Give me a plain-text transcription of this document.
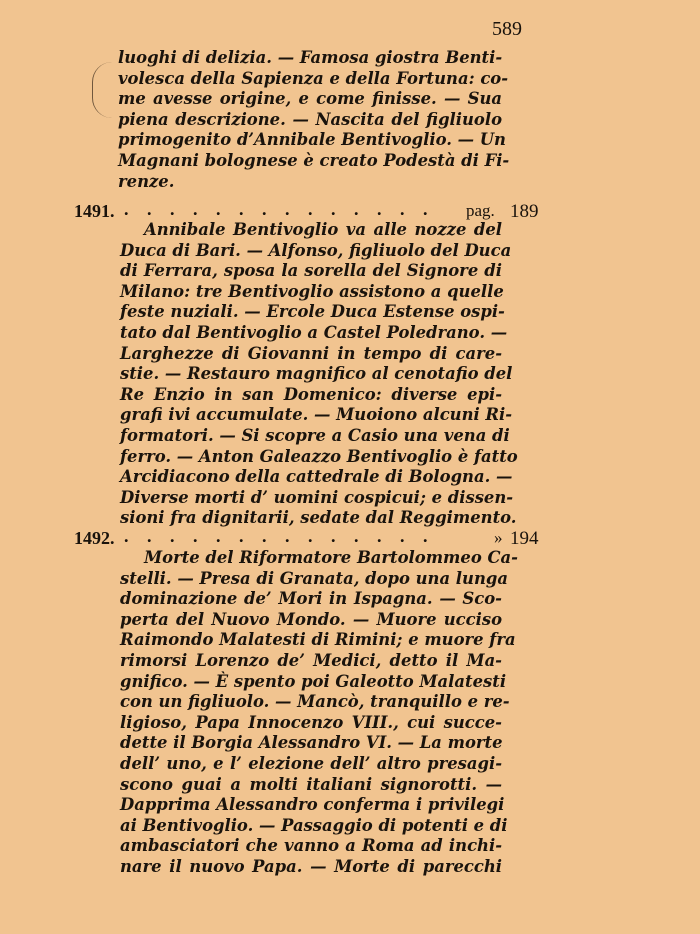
589
luoghi di delizia. — Famosa giostra Benti-
volesca della Sapienza e della Fortuna: co-
me avesse origine, e come finisse. — Sua
piena descrizione. — Nascita del figliuolo
primogenito d’Annibale Bentivoglio. — Un
Magnani bolognese è creato Podestà di Fi-
renze.
1491. . . . . . . . . . . . . . . pag. 189
Annibale Bentivoglio va alle nozze del
Duca di Bari. — Alfonso, figliuolo del Duca
di Ferrara, sposa la sorella del Signore di
Milano: tre Bentivoglio assistono a quelle
feste nuziali. — Ercole Duca Estense ospi-
tato dal Bentivoglio a Castel Poledrano. —
Larghezze di Giovanni in tempo di care-
stie. — Restauro magnifico al cenotafio del
Re Enzio in san Domenico: diverse epi-
grafi ivi accumulate. — Muoiono alcuni Ri-
formatori. — Si scopre a Casio una vena di
ferro. — Anton Galeazzo Bentivoglio è fatto
Arcidiacono della cattedrale di Bologna. —
Diverse morti d’ uomini cospicui; e dissen-
sioni fra dignitarii, sedate dal Reggimento.
1492. . . . . . . . . . . . . . .	» 194
Morte del Riformatore Bartolommeo Ca-
stelli. — Presa di Granata, dopo una lunga
dominazione de’ Mori in Ispagna. — Sco-
perta del Nuovo Mondo. — Muore ucciso
Raimondo Malatesti di Rimini; e muore fra
rimorsi Lorenzo de’ Medici, detto il Ma-
gnifico. — È spento poi Galeotto Malatesti
con un figliuolo. — Mancò, tranquillo e re-
ligioso, Papa Innocenzo VIII., cui succe-
dette il Borgia Alessandro VI. — La morte
dell’ uno, e l’ elezione dell’ altro presagi-
scono guai a molti italiani signorotti. —
Dapprima Alessandro conferma i privilegi
ai Bentivoglio. — Passaggio di potenti e di
ambasciatori che vanno a Roma ad inchi-
nare il nuovo Papa. — Morte di parecchi
